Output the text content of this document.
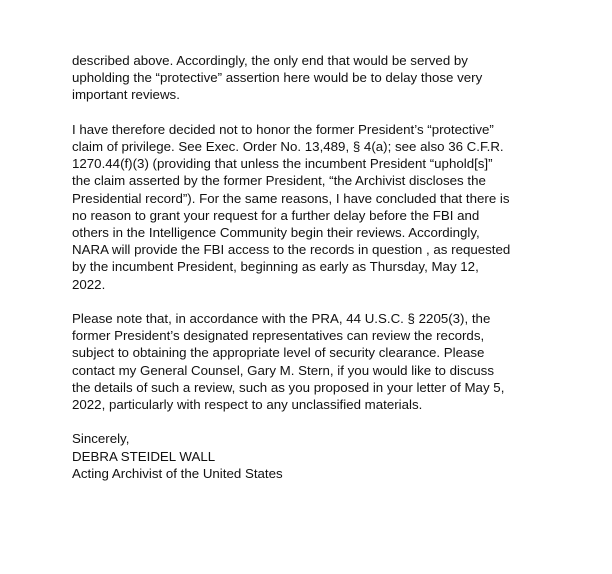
described above. Accordingly, the only end that would be served by
upholding the “protective” assertion here would be to delay those very
important reviews.

I have therefore decided not to honor the former President’s “protective”
claim of privilege. See Exec. Order No. 13,489, § 4(a); see also 36 C.F.R.
1270.44(f)(3) (providing that unless the incumbent President “uphold[s]”
the claim asserted by the former President, “the Archivist discloses the
Presidential record”). For the same reasons, I have concluded that there is
no reason to grant your request for a further delay before the FBI and
others in the Intelligence Community begin their reviews. Accordingly,
NARA will provide the FBI access to the records in question , as requested
by the incumbent President, beginning as early as Thursday, May 12,
2022.

Please note that, in accordance with the PRA, 44 U.S.C. § 2205(3), the
former President’s designated representatives can review the records,
subject to obtaining the appropriate level of security clearance. Please
contact my General Counsel, Gary M. Stern, if you would like to discuss
the details of such a review, such as you proposed in your letter of May 5,
2022, particularly with respect to any unclassified materials.

Sincerely,
DEBRA STEIDEL WALL
Acting Archivist of the United States
